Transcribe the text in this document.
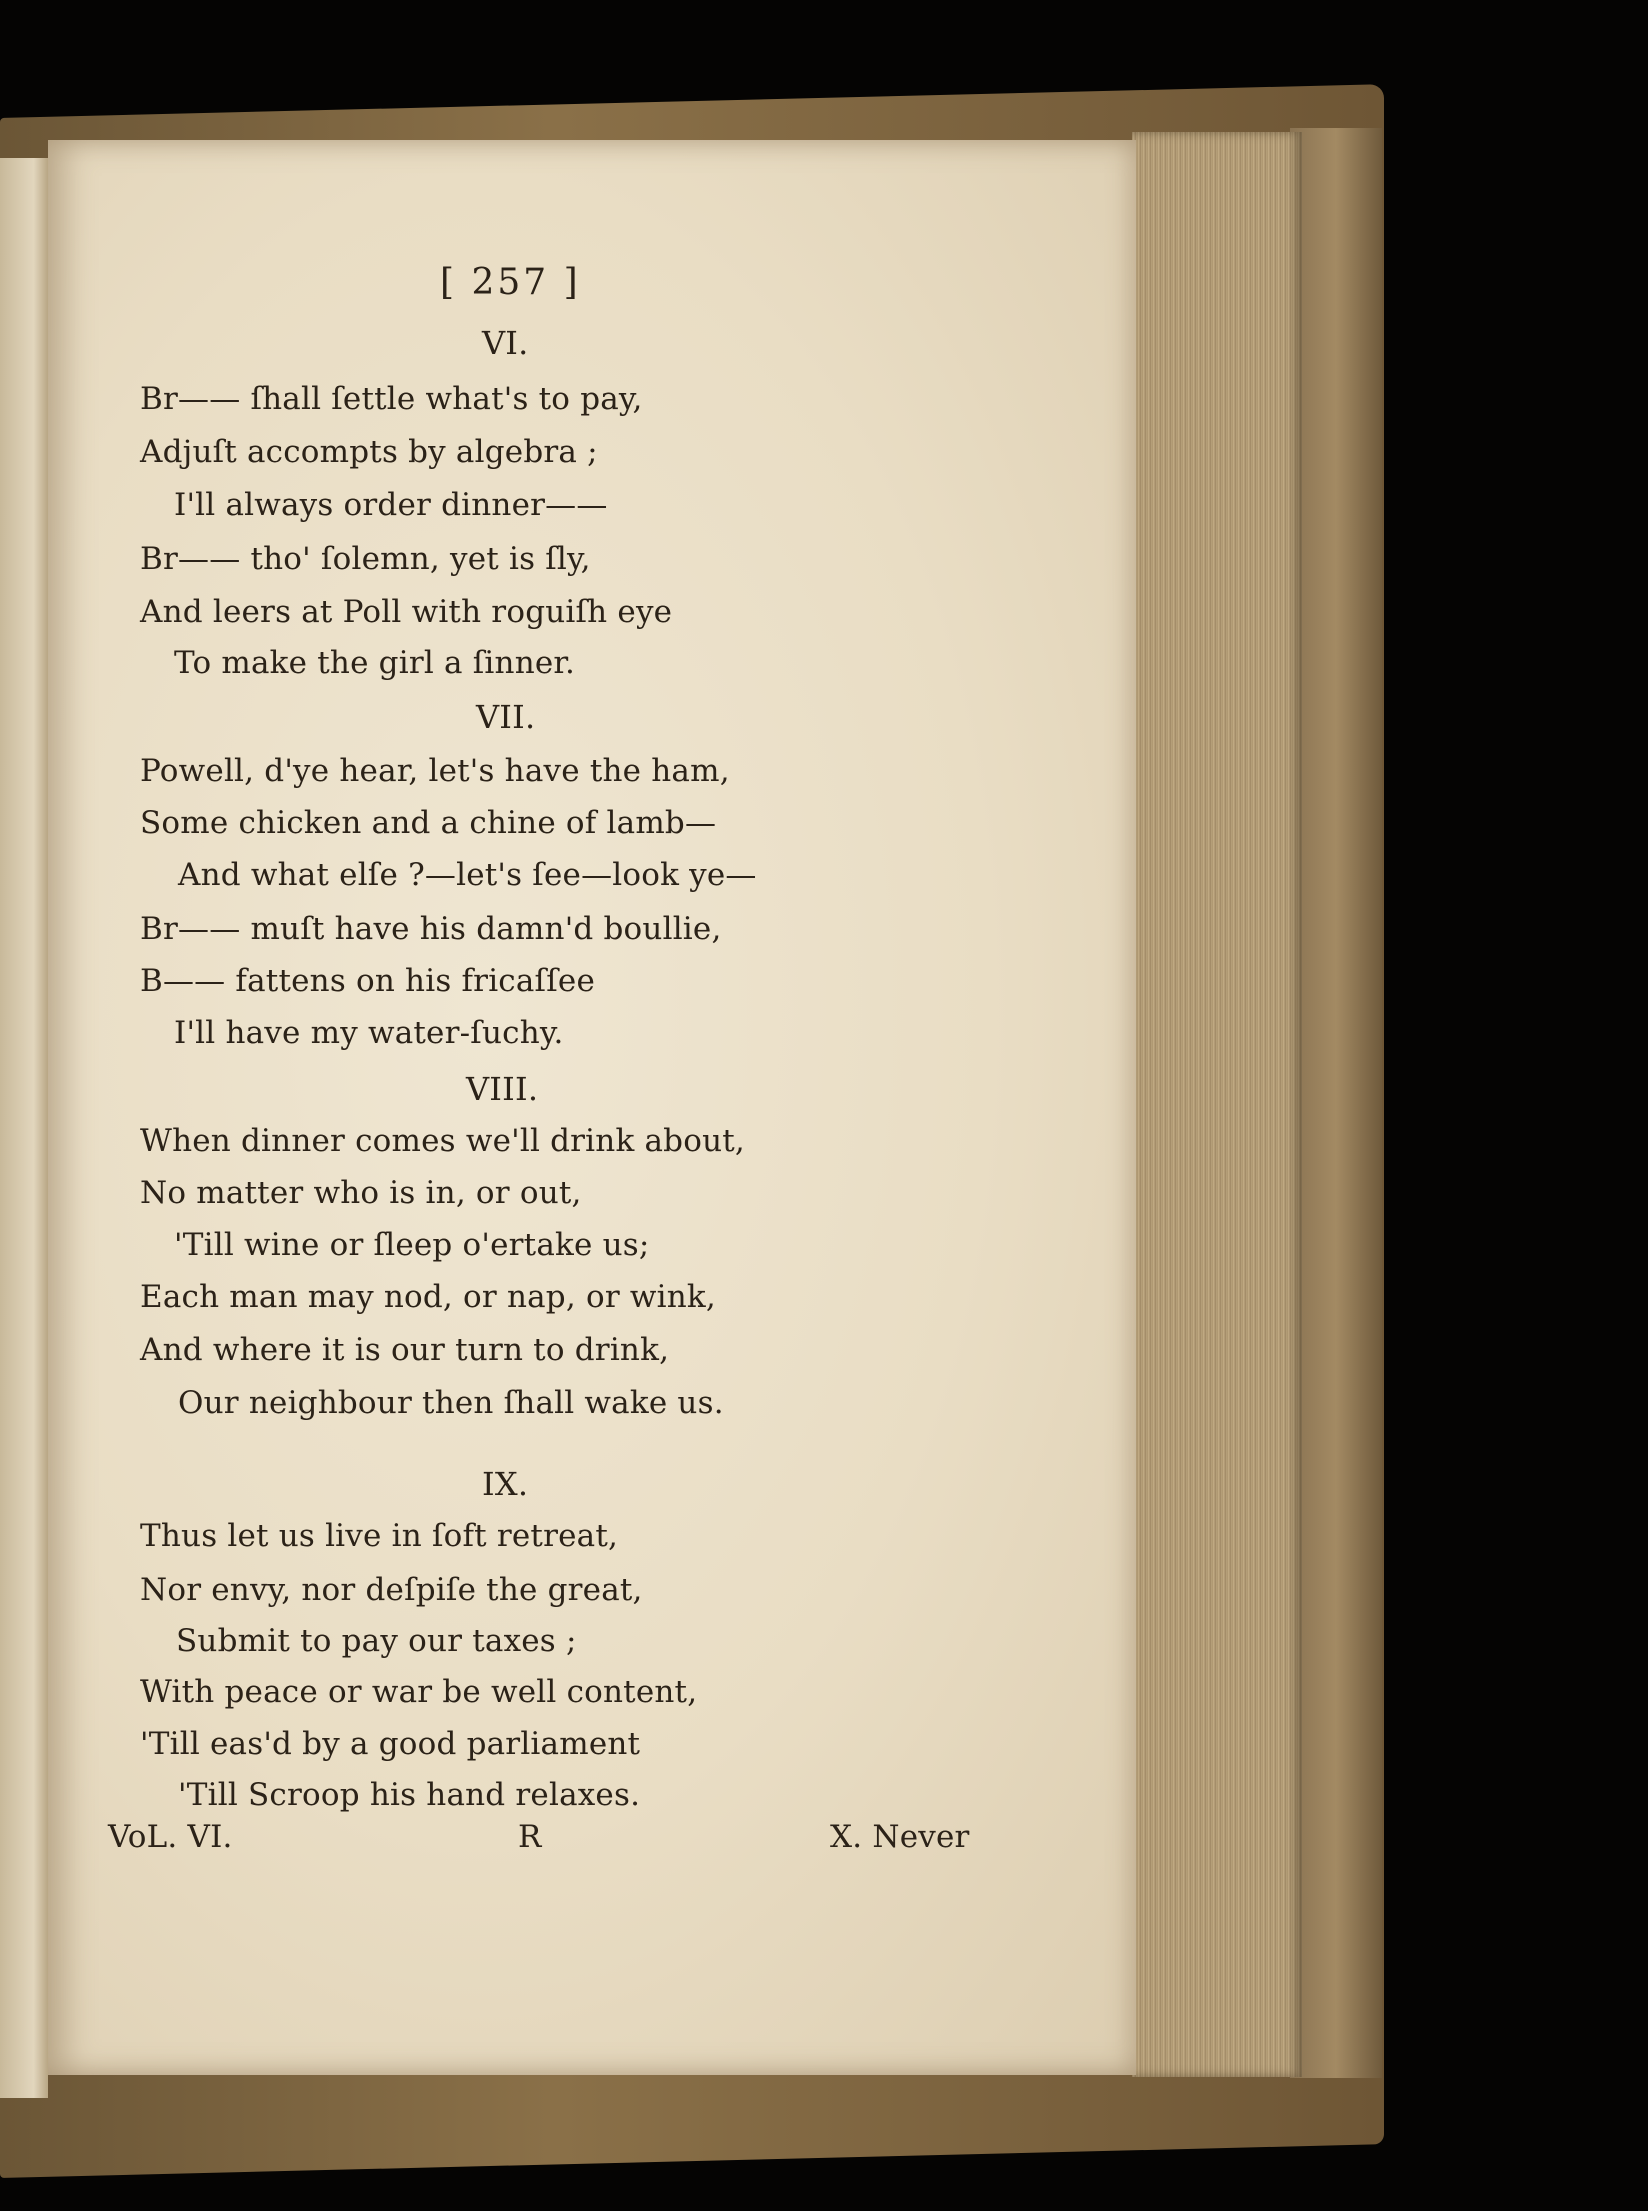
[ 257 ]
VI.
Br—— ſhall ſettle what's to pay,
Adjuſt accompts by algebra ;
I'll always order dinner——
Br—— tho' ſolemn, yet is ſly,
And leers at Poll with roguiſh eye
To make the girl a ſinner.
VII.
Powell, d'ye hear, let's have the ham,
Some chicken and a chine of lamb—
And what elſe ?—let's ſee—look ye—
Br—— muſt have his damn'd boullie,
B—— fattens on his fricaſſee
I'll have my water-ſuchy.
VIII.
When dinner comes we'll drink about,
No matter who is in, or out,
'Till wine or ſleep o'ertake us;
Each man may nod, or nap, or wink,
And where it is our turn to drink,
Our neighbour then ſhall wake us.
IX.
Thus let us live in ſoft retreat,
Nor envy, nor deſpiſe the great,
Submit to pay our taxes ;
With peace or war be well content,
'Till eas'd by a good parliament
'Till Scroop his hand relaxes.
VoL. VI.	R	X. Never
